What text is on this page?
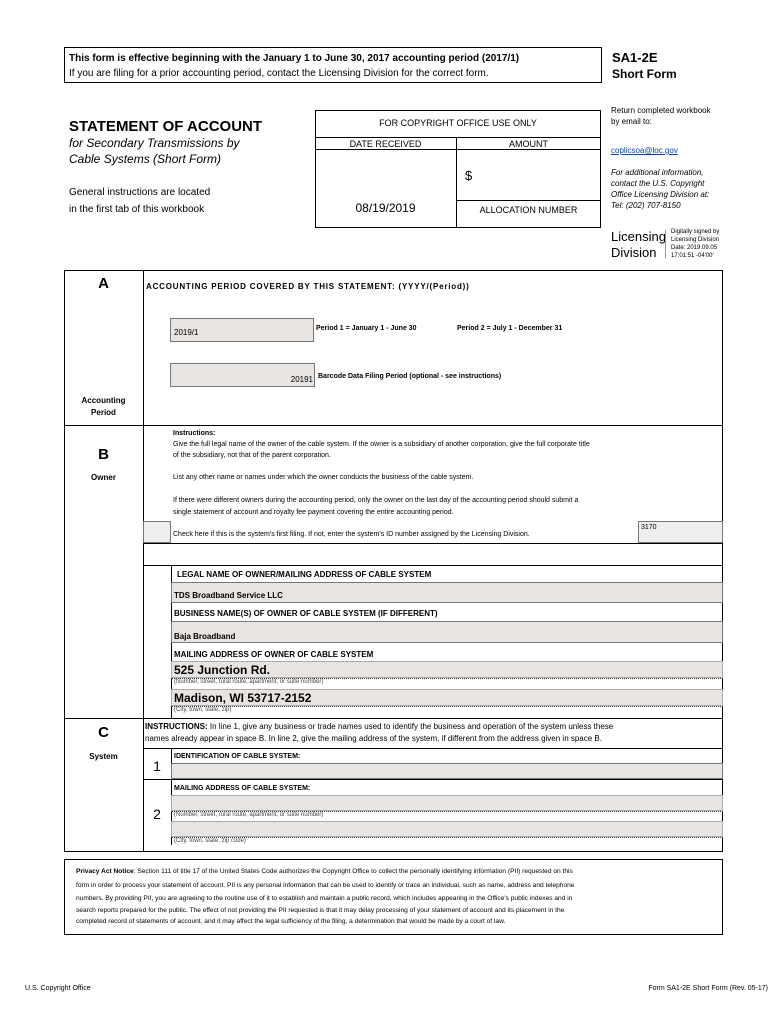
This form is effective beginning with the January 1 to June 30, 2017 accounting period (2017/1)
If you are filing for a prior accounting period, contact the Licensing Division for the correct form.
SA1-2E
Short Form
STATEMENT OF ACCOUNT
for Secondary Transmissions by
Cable Systems (Short Form)
General instructions are located
in the first tab of this workbook
FOR COPYRIGHT OFFICE USE ONLY
DATE RECEIVED	AMOUNT
08/19/2019
$
ALLOCATION NUMBER
Return completed workbook
by email to:
coplicsoa@loc.gov
For additional information,
contact the U.S. Copyright
Office Licensing Division at:
Tel: (202) 707-8150
Licensing
Division
Digitally signed by
Licensing Division
Date: 2019.09.05
17:01:51 -04'00'
A
Accounting
Period
ACCOUNTING PERIOD COVERED BY THIS STATEMENT: (YYYY/(Period))
2019/1	Period 1 = January 1 - June 30	Period 2 = July 1 - December 31
20191 Barcode Data Filing Period (optional - see instructions)
B
Owner
Instructions:
Give the full legal name of the owner of the cable system. If the owner is a subsidiary of another corporation, give the full corporate title
of the subsidiary, not that of the parent corporation.
List any other name or names under which the owner conducts the business of the cable system.
If there were different owners during the accounting period, only the owner on the last day of the accounting period should submit a
single statement of account and royalty fee payment covering the entire accounting period.
Check here if this is the system's first filing. If not, enter the system's ID number assigned by the Licensing Division.
3170
LEGAL NAME OF OWNER/MAILING ADDRESS OF CABLE SYSTEM
TDS Broadband Service LLC
BUSINESS NAME(S) OF OWNER OF CABLE SYSTEM (IF DIFFERENT)
Baja Broadband
MAILING ADDRESS OF OWNER OF CABLE SYSTEM
525 Junction Rd.
(Number, street, rural route, apartment, or suite number)
Madison, WI 53717-2152
(City, town, state, zip)
C
System
INSTRUCTIONS: In line 1, give any business or trade names used to identify the business and operation of the system unless these
names already appear in space B. In line 2, give the mailing address of the system, if different from the address given in space B.
1
IDENTIFICATION OF CABLE SYSTEM:
2
MAILING ADDRESS OF CABLE SYSTEM:
(Number, street, rural route, apartment, or suite number)
(City, town, state, zip code)
Privacy Act Notice: Section 111 of title 17 of the United States Code authorizes the Copyright Office to collect the personally identifying information (PII) requested on this
form in order to process your statement of account. PII is any personal information that can be used to identify or trace an individual, such as name, address and telephone
numbers. By providing PII, you are agreeing to the routine use of it to establish and maintain a public record, which includes appearing in the Office's public indexes and in
search reports prepared for the public. The effect of not providing the PII requested is that it may delay processing of your statement of account and its placement in the
completed record of statements of account, and it may affect the legal sufficiency of the filing, a determination that would be made by a court of law.
U.S. Copyright Office	Form SA1-2E Short Form (Rev. 05-17)
